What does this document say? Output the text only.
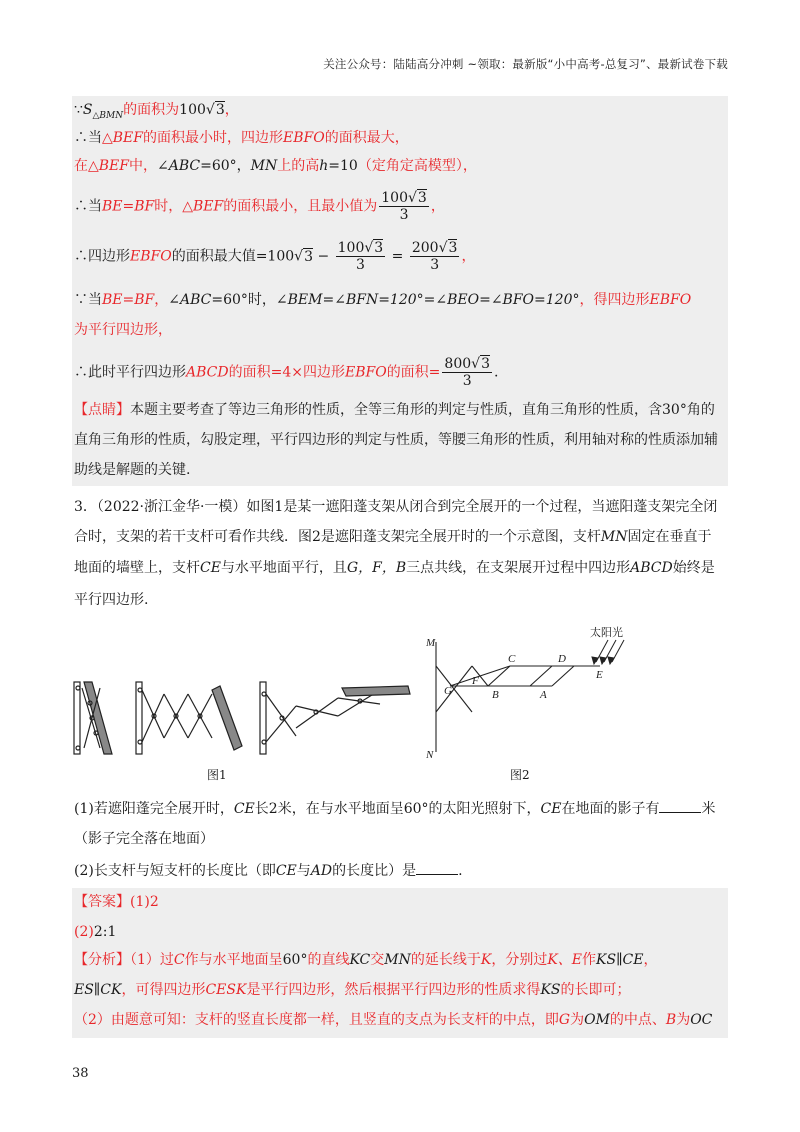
关注公众号：陆陆高分冲刺 ~领取：最新版“小中高考-总复习”、最新试卷下载
$\because S_{\triangle BMN}$的面积为100√3，
∴当△BEF的面积最小时，四边形EBFO的面积最大，
在△BEF中，∠ABC=60°，MN上的高h=10（定角定高模型），
∴当BE=BF时，△BEF的面积最小，且最小值为 $\frac{100√3}{3}$ ，
∴四边形EBFO的面积最大值$=100√3 - \frac{100√3}{3} = \frac{200√3}{3}$ ，
∵当BE=BF，∠ABC=60°时，∠BEM=∠BFN=120°=∠BEO=∠BFO=120°，得四边形EBFO
为平行四边形，
∴此时平行四边形ABCD的面积=4×四边形EBFO的面积= $\frac{800√3}{3}$ .
【点睛】本题主要考查了等边三角形的性质，全等三角形的判定与性质，直角三角形的性质，含30°角的
直角三角形的性质，勾股定理，平行四边形的判定与性质，等腰三角形的性质，利用轴对称的性质添加辅
助线是解题的关键.
3．（2022·浙江金华·一模）如图1是某一遮阳蓬支架从闭合到完全展开的一个过程，当遮阳蓬支架完全闭
合时，支架的若干支杆可看作共线．图2是遮阳蓬支架完全展开时的一个示意图，支杆MN固定在垂直于
地面的墙壁上，支杆CE与水平地面平行，且G，F，B三点共线，在支架展开过程中四边形ABCD始终是
平行四边形.
图1
M
N
C	D
E
G
F
B	A
太阳光
图2
(1)若遮阳蓬完全展开时，CE长2米，在与水平地面呈60°的太阳光照射下，CE在地面的影子有	米
（影子完全落在地面）
(2)长支杆与短支杆的长度比（即CE与AD的长度比）是	.
【答案】(1)2
(2)2:1
【分析】（1）过C作与水平地面呈60°的直线KC交MN的延长线于K，分别过K、E作KS∥CE，
ES∥CK，可得四边形CESK是平行四边形，然后根据平行四边形的性质求得KS的长即可；
（2）由题意可知：支杆的竖直长度都一样，且竖直的支点为长支杆的中点，即G为OM的中点、B为OC
38
